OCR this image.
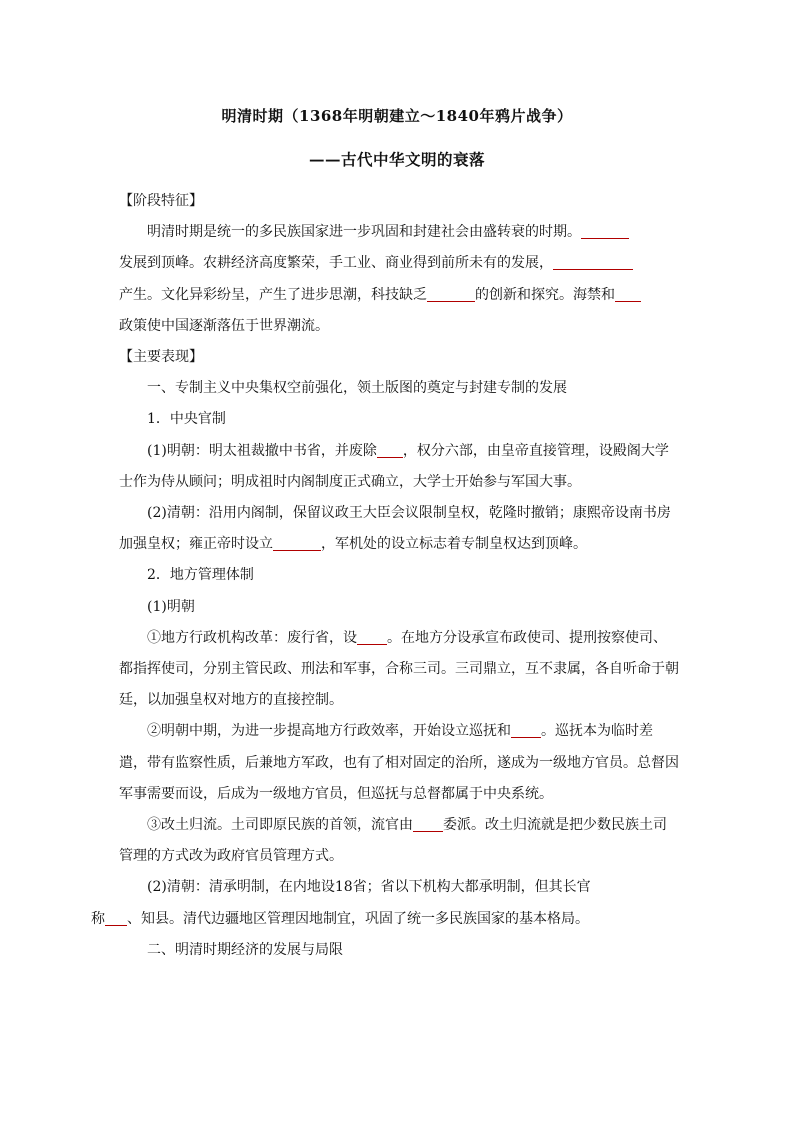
明清时期（1368年明朝建立～1840年鸦片战争）
——古代中华文明的衰落

【阶段特征】

明清时期是统一的多民族国家进一步巩固和封建社会由盛转衰的时期。
发展到顶峰。农耕经济高度繁荣，手工业、商业得到前所未有的发展，
产生。文化异彩纷呈，产生了进步思潮，科技缺乏	的创新和探究。海禁和
政策使中国逐渐落伍于世界潮流。

【主要表现】

一、专制主义中央集权空前强化，领土版图的奠定与封建专制的发展

1．中央官制

(1)明朝：明太祖裁撤中书省，并废除 ，权分六部，由皇帝直接管理，设殿阁大学士作为侍从顾问；明成祖时内阁制度正式确立，大学士开始参与军国大事。

(2)清朝：沿用内阁制，保留议政王大臣会议限制皇权，乾隆时撤销；康熙帝设南书房加强皇权；雍正帝时设立	，军机处的设立标志着专制皇权达到顶峰。

2．地方管理体制

(1)明朝

①地方行政机构改革：废行省，设 。在地方分设承宣布政使司、提刑按察使司、都指挥使司，分别主管民政、刑法和军事，合称三司。三司鼎立，互不隶属，各自听命于朝廷，以加强皇权对地方的直接控制。

②明朝中期，为进一步提高地方行政效率，开始设立巡抚和 。巡抚本为临时差遣，带有监察性质，后兼地方军政，也有了相对固定的治所，遂成为一级地方官员。总督因军事需要而设，后成为一级地方官员，但巡抚与总督都属于中央系统。

③改土归流。土司即原民族的首领，流官由 委派。改土归流就是把少数民族土司管理的方式改为政府官员管理方式。

(2)清朝：清承明制，在内地设18省；省以下机构大都承明制，但其长官
称 、知县。清代边疆地区管理因地制宜，巩固了统一多民族国家的基本格局。

二、明清时期经济的发展与局限
